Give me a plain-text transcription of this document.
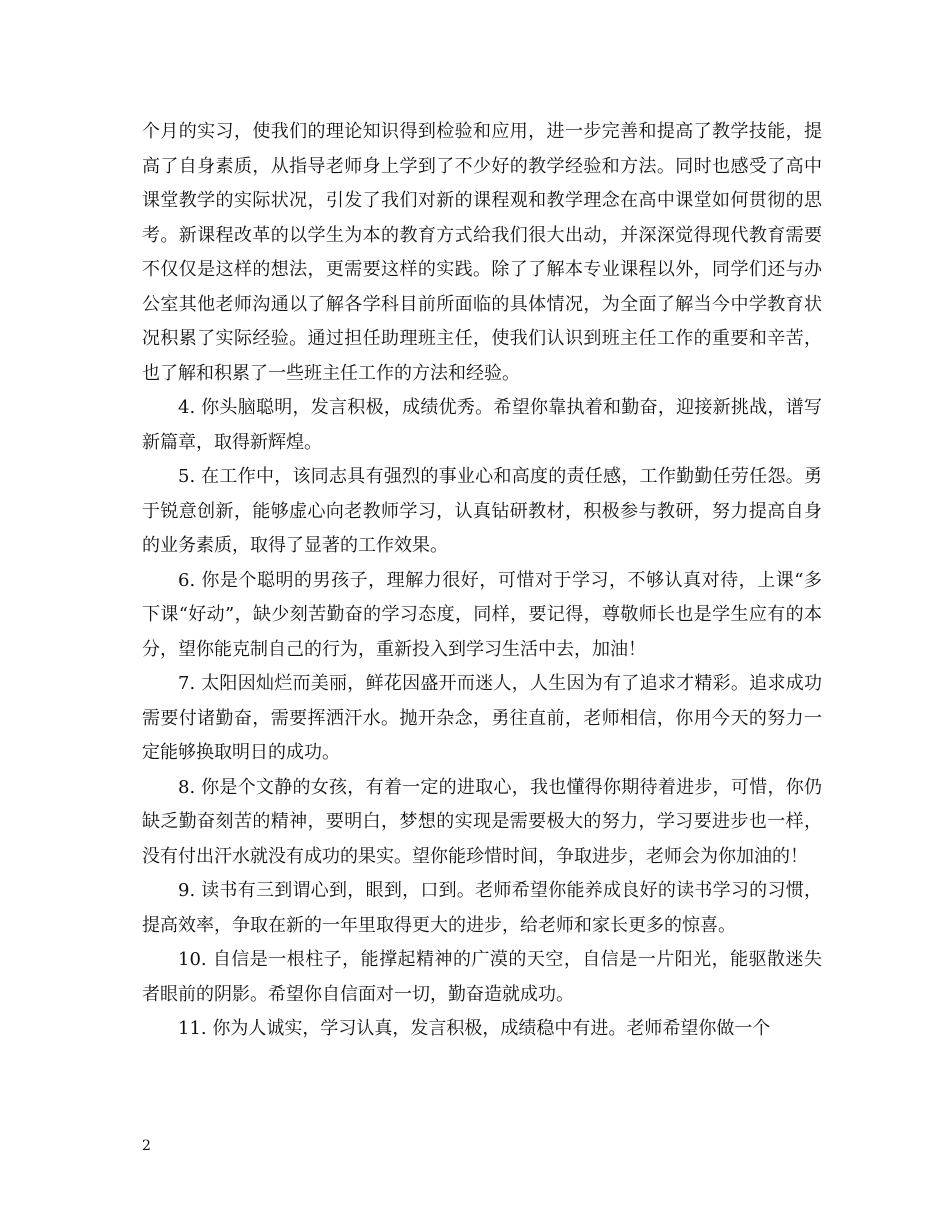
个月的实习，使我们的理论知识得到检验和应用，进一步完善和提高了教学技能，提高了自身素质，从指导老师身上学到了不少好的教学经验和方法。同时也感受了高中课堂教学的实际状况，引发了我们对新的课程观和教学理念在高中课堂如何贯彻的思考。新课程改革的以学生为本的教育方式给我们很大出动，并深深觉得现代教育需要不仅仅是这样的想法，更需要这样的实践。除了了解本专业课程以外，同学们还与办公室其他老师沟通以了解各学科目前所面临的具体情况，为全面了解当今中学教育状况积累了实际经验。通过担任助理班主任，使我们认识到班主任工作的重要和辛苦，也了解和积累了一些班主任工作的方法和经验。

4. 你头脑聪明，发言积极，成绩优秀。希望你靠执着和勤奋，迎接新挑战，谱写新篇章，取得新辉煌。

5. 在工作中，该同志具有强烈的事业心和高度的责任感，工作勤勤任劳任怨。勇于锐意创新，能够虚心向老教师学习，认真钻研教材，积极参与教研，努力提高自身的业务素质，取得了显著的工作效果。

6. 你是个聪明的男孩子，理解力很好，可惜对于学习，不够认真对待，上课“多下课“好动”，缺少刻苦勤奋的学习态度，同样，要记得，尊敬师长也是学生应有的本分，望你能克制自己的行为，重新投入到学习生活中去，加油！

7. 太阳因灿烂而美丽，鲜花因盛开而迷人，人生因为有了追求才精彩。追求成功需要付诸勤奋，需要挥洒汗水。抛开杂念，勇往直前，老师相信，你用今天的努力一定能够换取明日的成功。

8. 你是个文静的女孩，有着一定的进取心，我也懂得你期待着进步，可惜，你仍缺乏勤奋刻苦的精神，要明白，梦想的实现是需要极大的努力，学习要进步也一样，没有付出汗水就没有成功的果实。望你能珍惜时间，争取进步，老师会为你加油的！

9. 读书有三到谓心到，眼到，口到。老师希望你能养成良好的读书学习的习惯，提高效率，争取在新的一年里取得更大的进步，给老师和家长更多的惊喜。

10. 自信是一根柱子，能撑起精神的广漠的天空，自信是一片阳光，能驱散迷失者眼前的阴影。希望你自信面对一切，勤奋造就成功。

11. 你为人诚实，学习认真，发言积极，成绩稳中有进。老师希望你做一个

2
